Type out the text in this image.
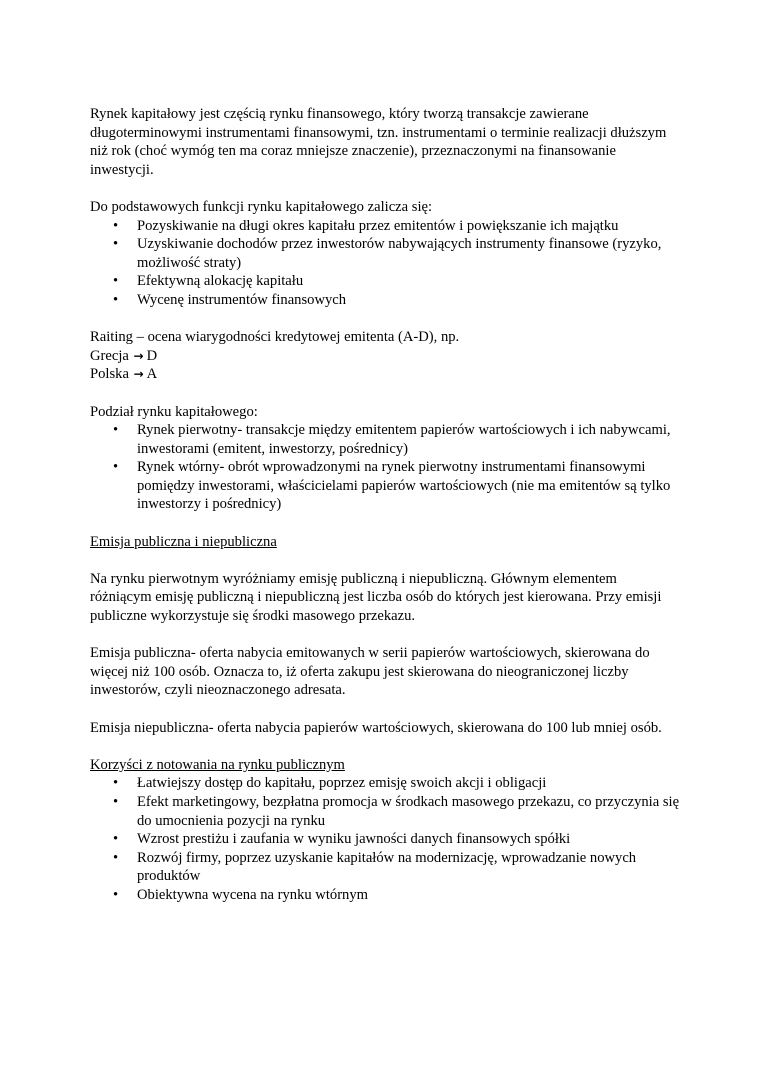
Rynek kapitałowy jest częścią rynku finansowego, który tworzą transakcje zawierane długoterminowymi instrumentami finansowymi, tzn. instrumentami o terminie realizacji dłuższym niż rok (choć wymóg ten ma coraz mniejsze znaczenie), przeznaczonymi na finansowanie inwestycji.

Do podstawowych funkcji rynku kapitałowego zalicza się:

• Pozyskiwanie na długi okres kapitału przez emitentów i powiększanie ich majątku
• Uzyskiwanie dochodów przez inwestorów nabywających instrumenty finansowe (ryzyko, możliwość straty)
• Efektywną alokację kapitału
• Wycenę instrumentów finansowych

Raiting – ocena wiarygodności kredytowej emitenta (A-D), np.

Grecja → D

Polska → A

Podział rynku kapitałowego:

• Rynek pierwotny- transakcje między emitentem papierów wartościowych i ich nabywcami, inwestorami (emitent, inwestorzy, pośrednicy)
• Rynek wtórny- obrót wprowadzonymi na rynek pierwotny instrumentami finansowymi pomiędzy inwestorami, właścicielami papierów wartościowych (nie ma emitentów są tylko inwestorzy i pośrednicy)

Emisja publiczna i niepubliczna

Na rynku pierwotnym wyróżniamy emisję publiczną i niepubliczną. Głównym elementem różniącym emisję publiczną i niepubliczną jest liczba osób do których jest kierowana. Przy emisji publiczne wykorzystuje się środki masowego przekazu.

Emisja publiczna- oferta nabycia emitowanych w serii papierów wartościowych, skierowana do więcej niż 100 osób. Oznacza to, iż oferta zakupu jest skierowana do nieograniczonej liczby inwestorów, czyli nieoznaczonego adresata.

Emisja niepubliczna- oferta nabycia papierów wartościowych, skierowana do 100 lub mniej osób.

Korzyści z notowania na rynku publicznym

• Łatwiejszy dostęp do kapitału, poprzez emisję swoich akcji i obligacji
• Efekt marketingowy, bezpłatna promocja w środkach masowego przekazu, co przyczynia się do umocnienia pozycji na rynku
• Wzrost prestiżu i zaufania w wyniku jawności danych finansowych spółki
• Rozwój firmy, poprzez uzyskanie kapitałów na modernizację, wprowadzanie nowych produktów
• Obiektywna wycena na rynku wtórnym
